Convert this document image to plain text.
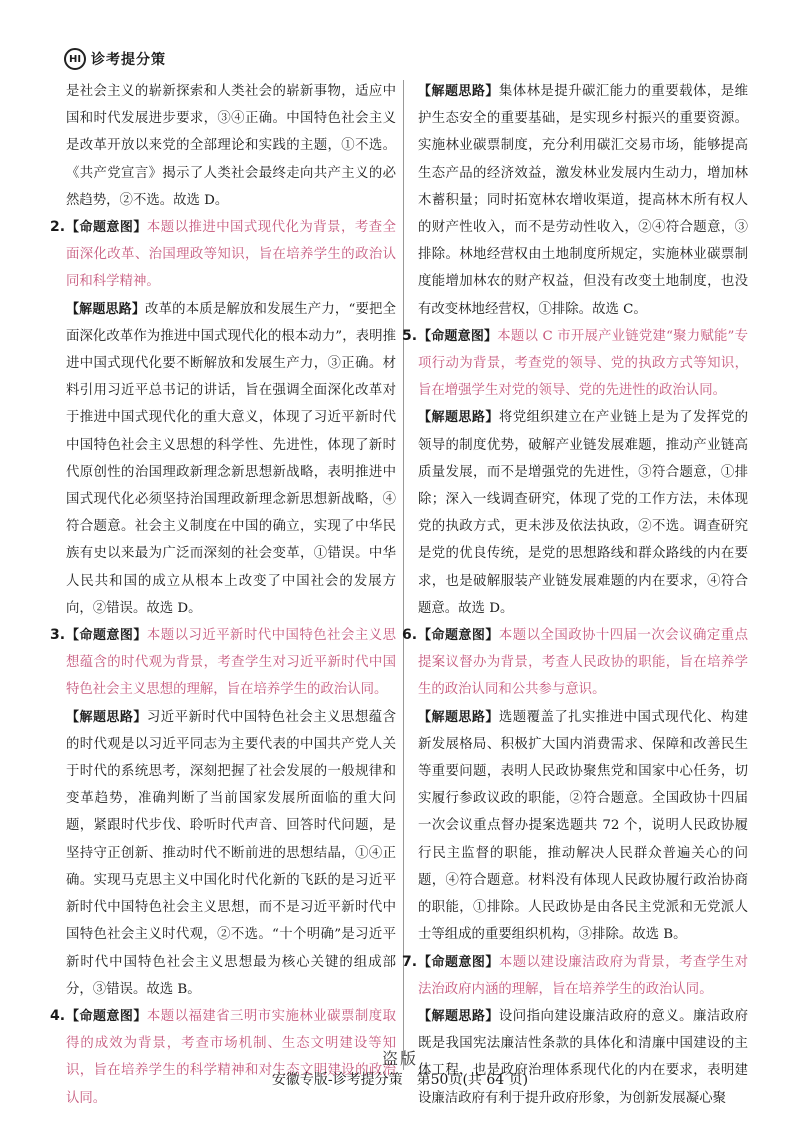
HI 诊考提分策

是社会主义的崭新探索和人类社会的崭新事物，适应中国和时代发展进步要求，③④正确。中国特色社会主义是改革开放以来党的全部理论和实践的主题，①不选。《共产党宣言》揭示了人类社会最终走向共产主义的必然趋势，②不选。故选 D。

2. 【命题意图】本题以推进中国式现代化为背景，考查全面深化改革、治国理政等知识，旨在培养学生的政治认同和科学精神。

【解题思路】改革的本质是解放和发展生产力，“要把全面深化改革作为推进中国式现代化的根本动力”，表明推进中国式现代化要不断解放和发展生产力，③正确。材料引用习近平总书记的讲话，旨在强调全面深化改革对于推进中国式现代化的重大意义，体现了习近平新时代中国特色社会主义思想的科学性、先进性，体现了新时代原创性的治国理政新理念新思想新战略，表明推进中国式现代化必须坚持治国理政新理念新思想新战略，④符合题意。社会主义制度在中国的确立，实现了中华民族有史以来最为广泛而深刻的社会变革，①错误。中华人民共和国的成立从根本上改变了中国社会的发展方向，②错误。故选 D。

3. 【命题意图】本题以习近平新时代中国特色社会主义思想蕴含的时代观为背景，考查学生对习近平新时代中国特色社会主义思想的理解，旨在培养学生的政治认同。

【解题思路】习近平新时代中国特色社会主义思想蕴含的时代观是以习近平同志为主要代表的中国共产党人关于时代的系统思考，深刻把握了社会发展的一般规律和变革趋势，准确判断了当前国家发展所面临的重大问题，紧跟时代步伐、聆听时代声音、回答时代问题，是坚持守正创新、推动时代不断前进的思想结晶，①④正确。实现马克思主义中国化时代化新的飞跃的是习近平新时代中国特色社会主义思想，而不是习近平新时代中国特色社会主义时代观，②不选。“十个明确”是习近平新时代中国特色社会主义思想最为核心关键的组成部分，③错误。故选 B。

4. 【命题意图】本题以福建省三明市实施林业碳票制度取得的成效为背景，考查市场机制、生态文明建设等知识，旨在培养学生的科学精神和对生态文明建设的政治认同。

【解题思路】集体林是提升碳汇能力的重要载体，是维护生态安全的重要基础，是实现乡村振兴的重要资源。实施林业碳票制度，充分利用碳汇交易市场，能够提高生态产品的经济效益，激发林业发展内生动力，增加林木蓄积量；同时拓宽林农增收渠道，提高林木所有权人的财产性收入，而不是劳动性收入，②④符合题意，③排除。林地经营权由土地制度所规定，实施林业碳票制度能增加林农的财产权益，但没有改变土地制度，也没有改变林地经营权，①排除。故选 C。

5. 【命题意图】本题以 C 市开展产业链党建“聚力赋能”专项行动为背景，考查党的领导、党的执政方式等知识，旨在增强学生对党的领导、党的先进性的政治认同。

【解题思路】将党组织建立在产业链上是为了发挥党的领导的制度优势，破解产业链发展难题，推动产业链高质量发展，而不是增强党的先进性，③符合题意，①排除；深入一线调查研究，体现了党的工作方法，未体现党的执政方式，更未涉及依法执政，②不选。调查研究是党的优良传统，是党的思想路线和群众路线的内在要求，也是破解服装产业链发展难题的内在要求，④符合题意。故选 D。

6. 【命题意图】本题以全国政协十四届一次会议确定重点提案议督办为背景，考查人民政协的职能，旨在培养学生的政治认同和公共参与意识。

【解题思路】选题覆盖了扎实推进中国式现代化、构建新发展格局、积极扩大国内消费需求、保障和改善民生等重要问题，表明人民政协聚焦党和国家中心任务，切实履行参政议政的职能，②符合题意。全国政协十四届一次会议重点督办提案选题共 72 个，说明人民政协履行民主监督的职能，推动解决人民群众普遍关心的问题，④符合题意。材料没有体现人民政协履行政治协商的职能，①排除。人民政协是由各民主党派和无党派人士等组成的重要组织机构，③排除。故选 B。

7. 【命题意图】本题以建设廉洁政府为背景，考查学生对法治政府内涵的理解，旨在培养学生的政治认同。

【解题思路】设问指向建设廉洁政府的意义。廉洁政府既是我国宪法廉洁性条款的具体化和清廉中国建设的主体工程，也是政府治理体系现代化的内在要求，表明建设廉洁政府有利于提升政府形象，为创新发展凝心聚

盗版
安徽专版-诊考提分策　第50页(共 64 页)
